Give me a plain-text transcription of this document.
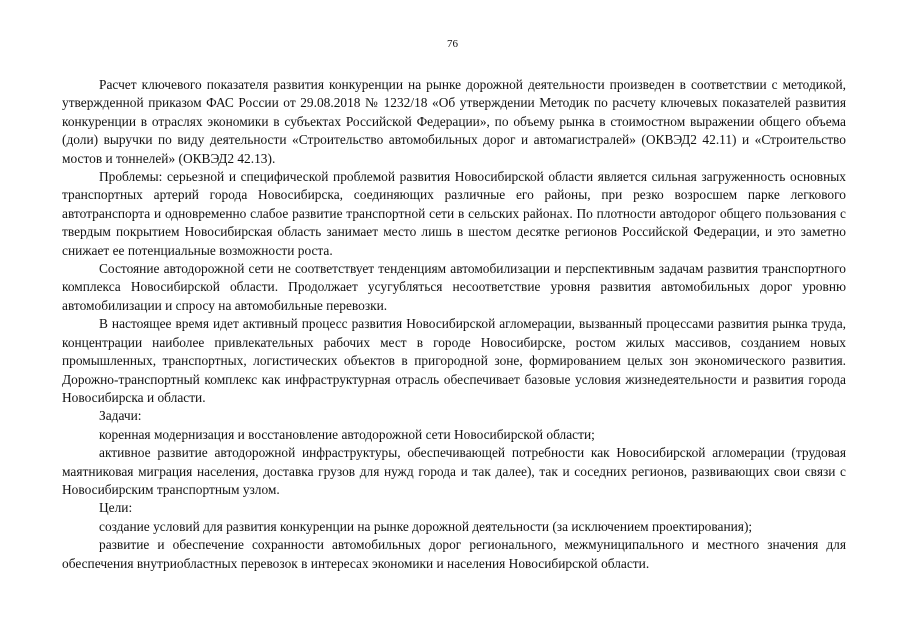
76

Расчет ключевого показателя развития конкуренции на рынке дорожной деятельности произведен в соответствии с методикой, утвержденной приказом ФАС России от 29.08.2018 № 1232/18 «Об утверждении Методик по расчету ключевых показателей развития конкуренции в отраслях экономики в субъектах Российской Федерации», по объему рынка в стоимостном выражении общего объема (доли) выручки по виду деятельности «Строительство автомобильных дорог и автомагистралей» (ОКВЭД2 42.11) и «Строительство мостов и тоннелей» (ОКВЭД2 42.13).

Проблемы: серьезной и специфической проблемой развития Новосибирской области является сильная загруженность основных транспортных артерий города Новосибирска, соединяющих различные его районы, при резко возросшем парке легкового автотранспорта и одновременно слабое развитие транспортной сети в сельских районах. По плотности автодорог общего пользования с твердым покрытием Новосибирская область занимает место лишь в шестом десятке регионов Российской Федерации, и это заметно снижает ее потенциальные возможности роста.

Состояние автодорожной сети не соответствует тенденциям автомобилизации и перспективным задачам развития транспортного комплекса Новосибирской области. Продолжает усугубляться несоответствие уровня развития автомобильных дорог уровню автомобилизации и спросу на автомобильные перевозки.

В настоящее время идет активный процесс развития Новосибирской агломерации, вызванный процессами развития рынка труда, концентрации наиболее привлекательных рабочих мест в городе Новосибирске, ростом жилых массивов, созданием новых промышленных, транспортных, логистических объектов в пригородной зоне, формированием целых зон экономического развития. Дорожно-транспортный комплекс как инфраструктурная отрасль обеспечивает базовые условия жизнедеятельности и развития города Новосибирска и области.

Задачи:

коренная модернизация и восстановление автодорожной сети Новосибирской области;

активное развитие автодорожной инфраструктуры, обеспечивающей потребности как Новосибирской агломерации (трудовая маятниковая миграция населения, доставка грузов для нужд города и так далее), так и соседних регионов, развивающих свои связи с Новосибирским транспортным узлом.

Цели:

создание условий для развития конкуренции на рынке дорожной деятельности (за исключением проектирования);

развитие и обеспечение сохранности автомобильных дорог регионального, межмуниципального и местного значения для обеспечения внутриобластных перевозок в интересах экономики и населения Новосибирской области.
